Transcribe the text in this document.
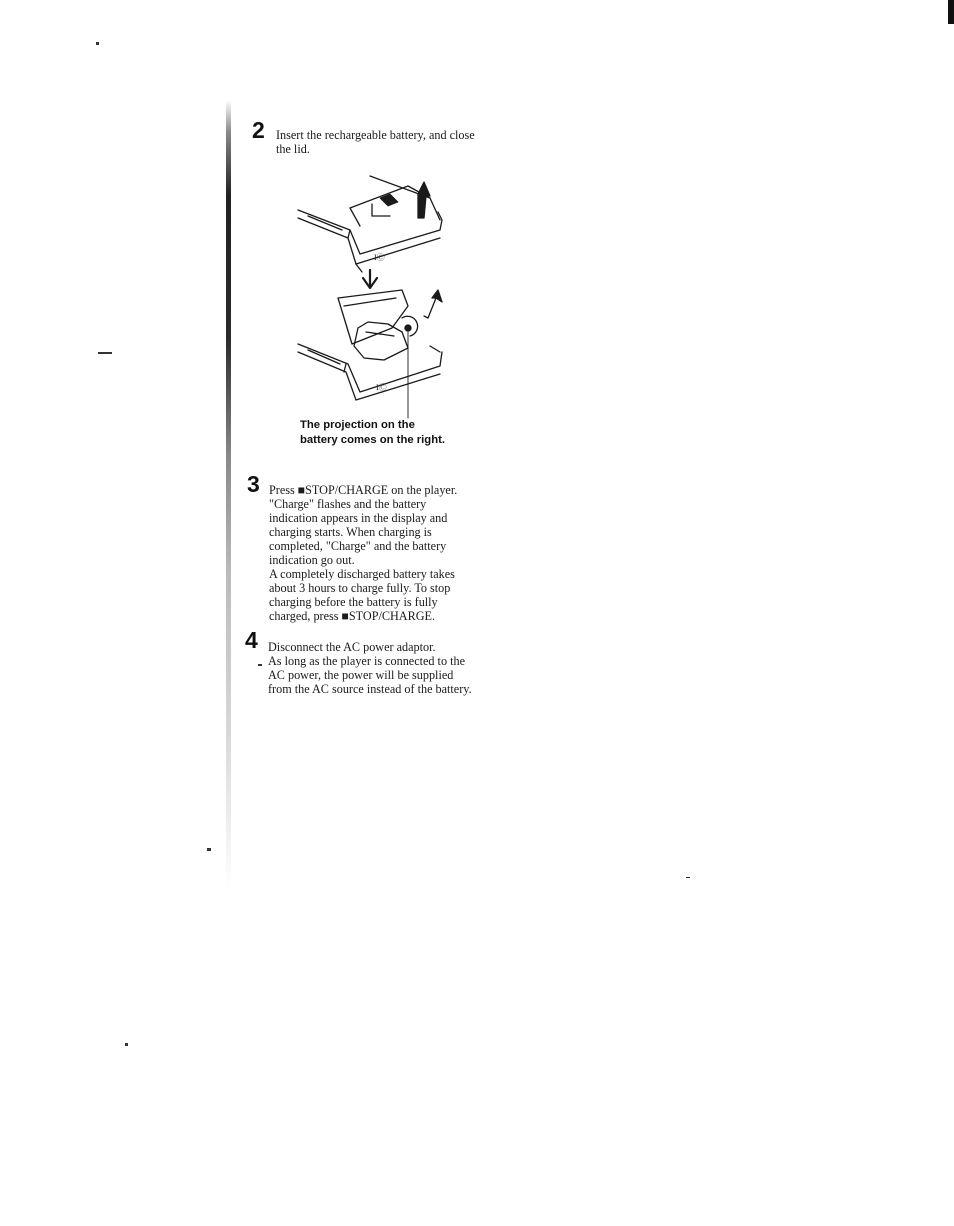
2 Insert the rechargeable battery, and close
the lid.
IⒸ
IⒸ
The projection on the
battery comes on the right.
3 Press ■STOP/CHARGE on the player.
"Charge" flashes and the battery
indication appears in the display and
charging starts. When charging is
completed, "Charge" and the battery
indication go out.
A completely discharged battery takes
about 3 hours to charge fully. To stop
charging before the battery is fully
charged, press ■STOP/CHARGE.
4 Disconnect the AC power adaptor.
As long as the player is connected to the
AC power, the power will be supplied
from the AC source instead of the battery.
